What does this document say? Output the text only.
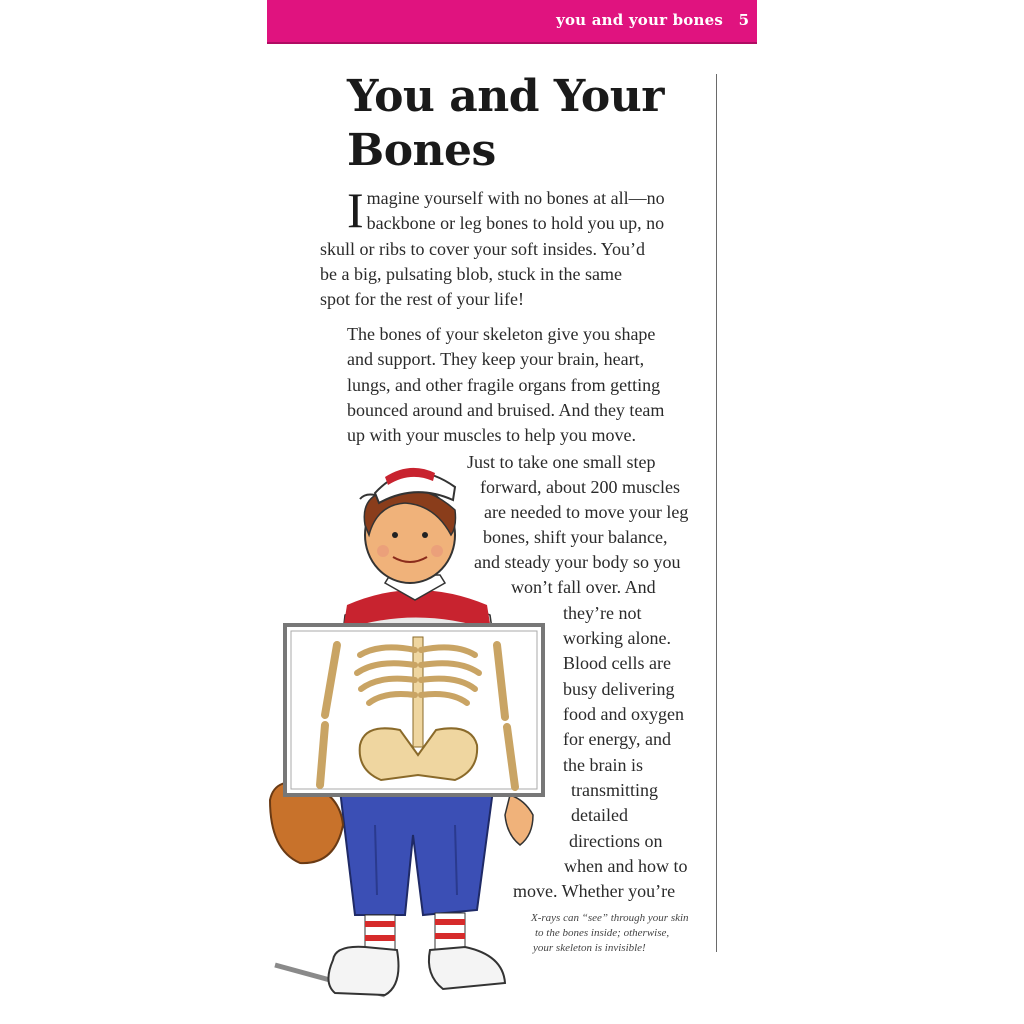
you and your bones 5
You and Your
Bones
I magine yourself with no bones at all—no
backbone or leg bones to hold you up, no
skull or ribs to cover your soft insides. You’d
be a big, pulsating blob, stuck in the same
spot for the rest of your life!
The bones of your skeleton give you shape
and support. They keep your brain, heart,
lungs, and other fragile organs from getting
bounced around and bruised. And they team
up with your muscles to help you move.
Just to take one small step
forward, about 200 muscles
are needed to move your leg
bones, shift your balance,
and steady your body so you
won’t fall over. And
they’re not
working alone.
Blood cells are
busy delivering
food and oxygen
for energy, and
the brain is
transmitting
detailed
directions on
when and how to
move. Whether you’re
X-rays can “see” through your skin
to the bones inside; otherwise,
your skeleton is invisible!
